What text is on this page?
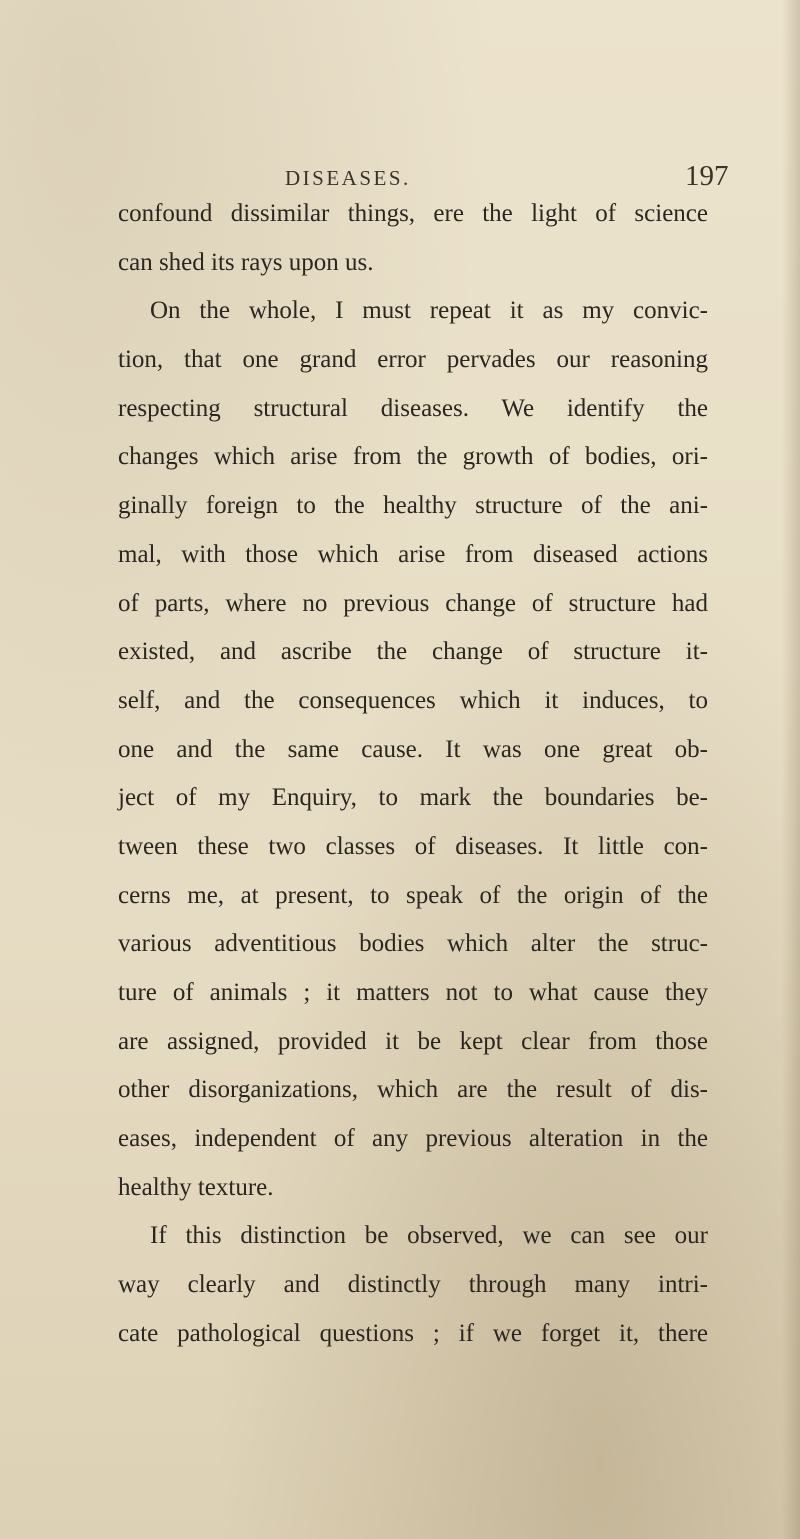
DISEASES.	197
confound dissimilar things, ere the light of science
can shed its rays upon us.
On the whole, I must repeat it as my convic-
tion, that one grand error pervades our reasoning
respecting structural diseases. We identify the
changes which arise from the growth of bodies, ori-
ginally foreign to the healthy structure of the ani-
mal, with those which arise from diseased actions
of parts, where no previous change of structure had
existed, and ascribe the change of structure it-
self, and the consequences which it induces, to
one and the same cause. It was one great ob-
ject of my Enquiry, to mark the boundaries be-
tween these two classes of diseases. It little con-
cerns me, at present, to speak of the origin of the
various adventitious bodies which alter the struc-
ture of animals ; it matters not to what cause they
are assigned, provided it be kept clear from those
other disorganizations, which are the result of dis-
eases, independent of any previous alteration in the
healthy texture.
If this distinction be observed, we can see our
way clearly and distinctly through many intri-
cate pathological questions ; if we forget it, there
